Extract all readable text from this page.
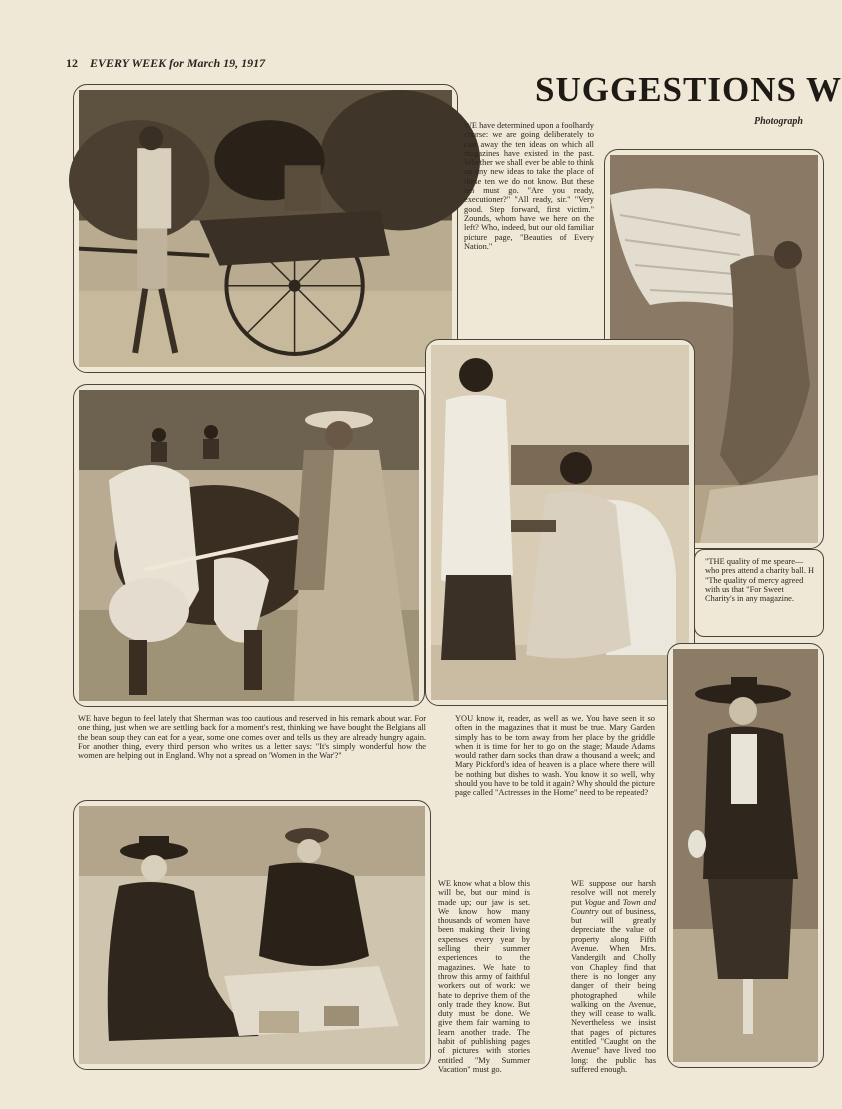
12 EVERY WEEK for March 19, 1917
SUGGESTIONS W
Photograph
WE have determined upon a foolhardy course: we are going deliberately to cast away the ten ideas on which all magazines have existed in the past. Whether we shall ever be able to think up any new ideas to take the place of these ten we do not know. But these ten must go. "Are you ready, executioner?" "All ready, sir." "Very good. Step forward, first victim." Zounds, whom have we here on the left? Who, indeed, but our old familiar picture page, "Beauties of Every Nation."
"THE quality of me speare—who pres attend a charity ball. H "The quality of mercy agreed with us that "For Sweet Charity's in any magazine.
WE have begun to feel lately that Sherman was too cautious and reserved in his remark about war. For one thing, just when we are settling back for a moment's rest, thinking we have bought the Belgians all the bean soup they can eat for a year, some one comes over and tells us they are already hungry again. For another thing, every third person who writes us a letter says: "It's simply wonderful how the women are helping out in England. Why not a spread on 'Women in the War'?"
YOU know it, reader, as well as we. You have seen it so often in the magazines that it must be true. Mary Garden simply has to be torn away from her place by the griddle when it is time for her to go on the stage; Maude Adams would rather darn socks than draw a thousand a week; and Mary Pickford's idea of heaven is a place where there will be nothing but dishes to wash. You know it so well, why should you have to be told it again? Why should the picture page called "Actresses in the Home" need to be repeated?
WE know what a blow this will be, but our mind is made up; our jaw is set. We know how many thousands of women have been making their living expenses every year by selling their summer experiences to the magazines. We hate to throw this army of faithful workers out of work: we hate to deprive them of the only trade they know. But duty must be done. We give them fair warning to learn another trade. The habit of publishing pages of pictures with stories entitled "My Summer Vacation" must go.
WE suppose our harsh resolve will not merely put Vogue and Town and Country out of business, but will greatly depreciate the value of property along Fifth Avenue. When Mrs. Vandergilt and Cholly von Chapley find that there is no longer any danger of their being photographed while walking on the Avenue, they will cease to walk. Nevertheless we insist that pages of pictures entitled "Caught on the Avenue" have lived too long: the public has suffered enough.
